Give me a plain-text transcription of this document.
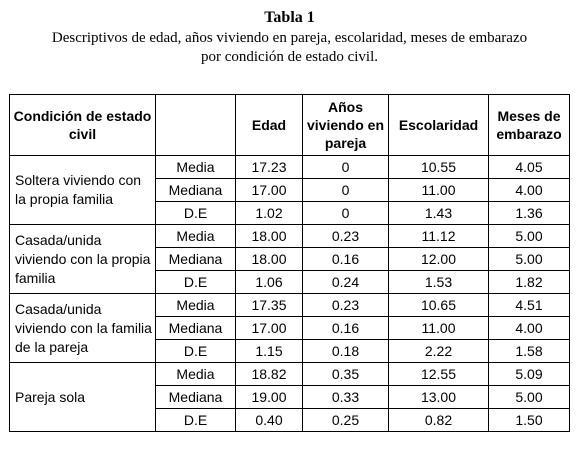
Tabla 1
Descriptivos de edad, años viviendo en pareja, escolaridad, meses de embarazo por condición de estado civil.
Condición de estado civil		Edad	Años viviendo en pareja	Escolaridad	Meses de embarazo
Soltera viviendo con la propia familia	Media	17.23	0	10.55	4.05
	Mediana	17.00	0	11.00	4.00
	D.E	1.02	0	1.43	1.36
Casada/unida viviendo con la propia familia	Media	18.00	0.23	11.12	5.00
	Mediana	18.00	0.16	12.00	5.00
	D.E	1.06	0.24	1.53	1.82
Casada/unida viviendo con la familia de la pareja	Media	17.35	0.23	10.65	4.51
	Mediana	17.00	0.16	11.00	4.00
	D.E	1.15	0.18	2.22	1.58
Pareja sola	Media	18.82	0.35	12.55	5.09
	Mediana	19.00	0.33	13.00	5.00
	D.E	0.40	0.25	0.82	1.50
